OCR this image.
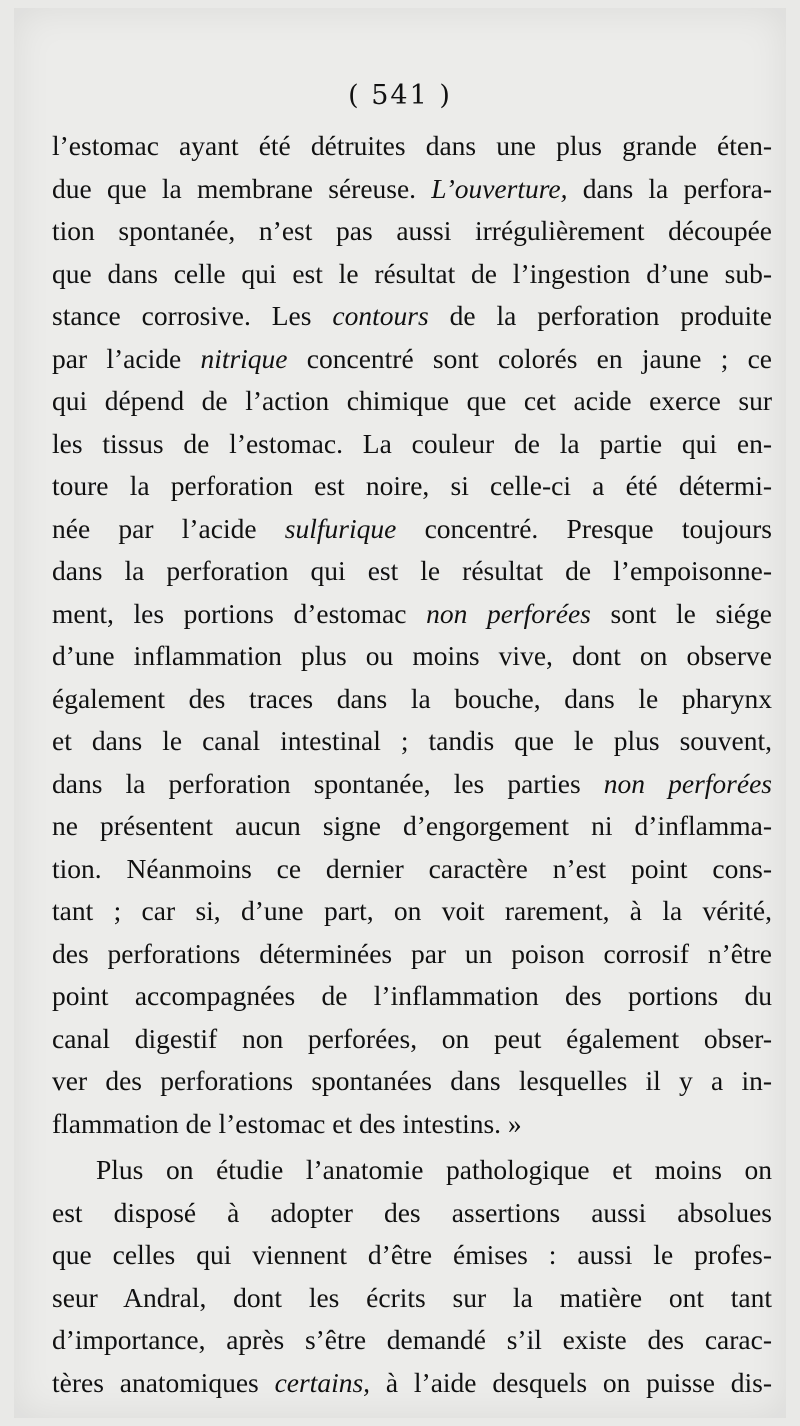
( 541 )
l’estomac ayant été détruites dans une plus grande éten-
due que la membrane séreuse. L’ouverture, dans la perfora-
tion spontanée, n’est pas aussi irrégulièrement découpée
que dans celle qui est le résultat de l’ingestion d’une sub-
stance corrosive. Les contours de la perforation produite
par l’acide nitrique concentré sont colorés en jaune ; ce
qui dépend de l’action chimique que cet acide exerce sur
les tissus de l’estomac. La couleur de la partie qui en-
toure la perforation est noire, si celle-ci a été détermi-
née par l’acide sulfurique concentré. Presque toujours
dans la perforation qui est le résultat de l’empoisonne-
ment, les portions d’estomac non perforées sont le siége
d’une inflammation plus ou moins vive, dont on observe
également des traces dans la bouche, dans le pharynx
et dans le canal intestinal ; tandis que le plus souvent,
dans la perforation spontanée, les parties non perforées
ne présentent aucun signe d’engorgement ni d’inflamma-
tion. Néanmoins ce dernier caractère n’est point cons-
tant ; car si, d’une part, on voit rarement, à la vérité,
des perforations déterminées par un poison corrosif n’être
point accompagnées de l’inflammation des portions du
canal digestif non perforées, on peut également obser-
ver des perforations spontanées dans lesquelles il y a in-
flammation de l’estomac et des intestins. »
Plus on étudie l’anatomie pathologique et moins on
est disposé à adopter des assertions aussi absolues
que celles qui viennent d’être émises : aussi le profes-
seur Andral, dont les écrits sur la matière ont tant
d’importance, après s’être demandé s’il existe des carac-
tères anatomiques certains, à l’aide desquels on puisse dis-
